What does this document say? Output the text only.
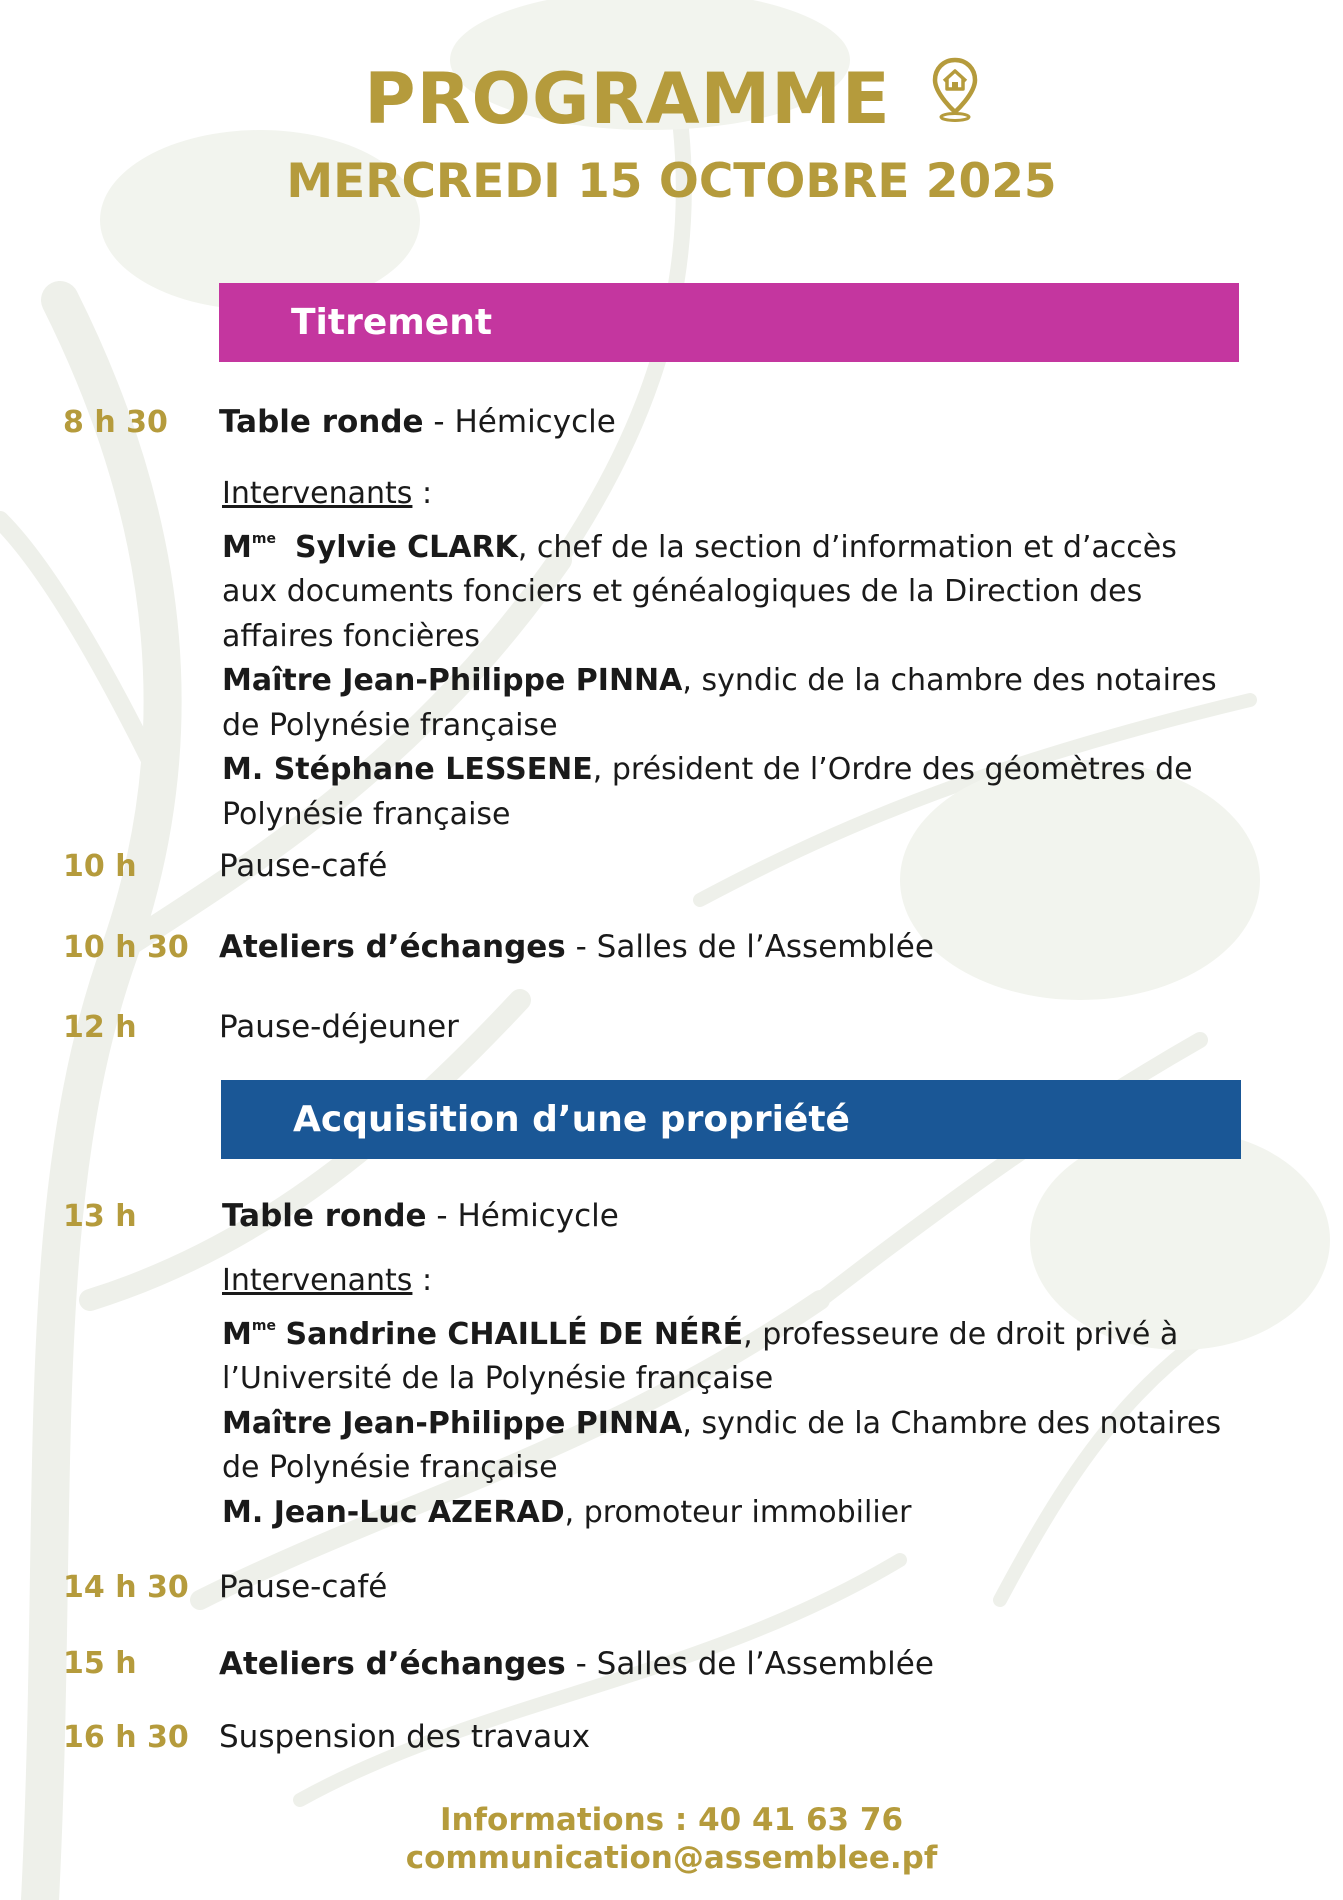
PROGRAMME
MERCREDI 15 OCTOBRE 2025
Titrement
8 h 30 Table ronde - Hémicycle
Intervenants :
$M^{me}$ Sylvie CLARK, chef de la section d’information et d’accès aux documents fonciers et généalogiques de la Direction des affaires foncières
Maître Jean-Philippe PINNA, syndic de la chambre des notaires de Polynésie française
M. Stéphane LESSENE, président de l’Ordre des géomètres de Polynésie française
10 h	Pause-café
10 h 30 Ateliers d’échanges - Salles de l’Assemblée
12 h	Pause-déjeuner
Acquisition d’une propriété
13 h	Table ronde - Hémicycle
Intervenants :
$M^{me}$ Sandrine CHAILLÉ DE NÉRÉ, professeure de droit privé à l’Université de la Polynésie française
Maître Jean-Philippe PINNA, syndic de la Chambre des notaires de Polynésie française
M. Jean-Luc AZERAD, promoteur immobilier
14 h 30 Pause-café
15 h	Ateliers d’échanges - Salles de l’Assemblée
16 h 30 Suspension des travaux
Informations : 40 41 63 76
communication@assemblee.pf
